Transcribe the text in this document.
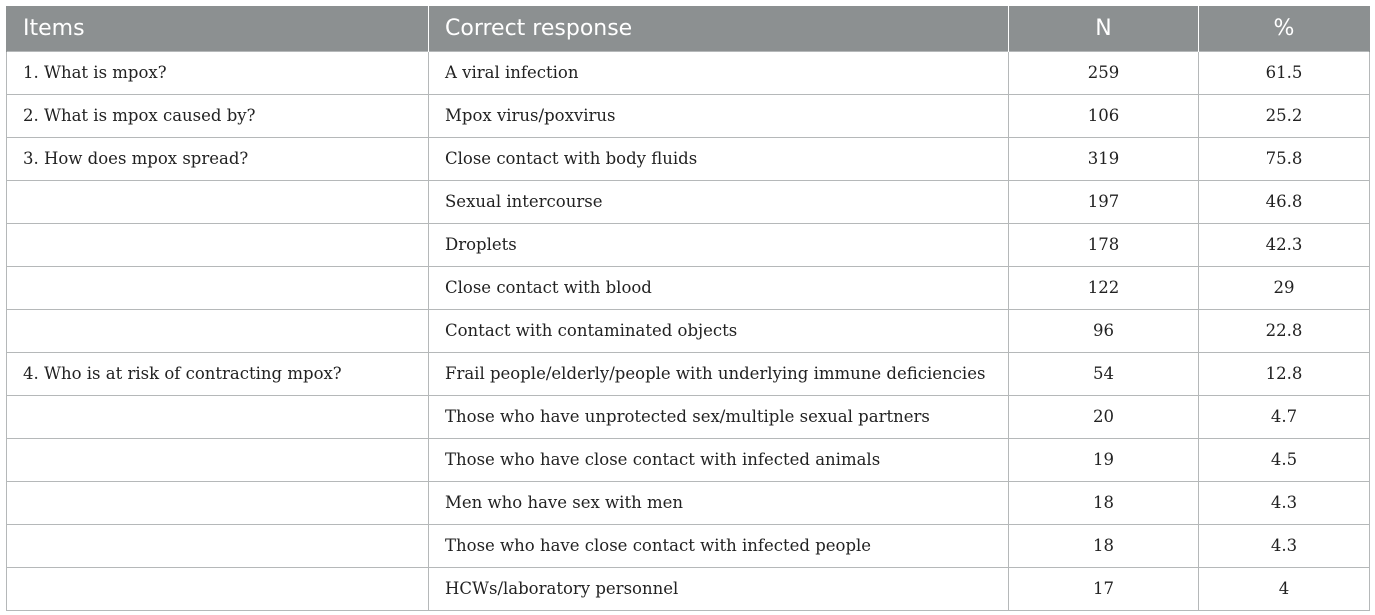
Items	Correct response	N	%
1. What is mpox?	A viral infection	259	61.5
2. What is mpox caused by?	Mpox virus/poxvirus	106	25.2
3. How does mpox spread?	Close contact with body fluids	319	75.8
	Sexual intercourse	197	46.8
	Droplets	178	42.3
	Close contact with blood	122	29
	Contact with contaminated objects	96	22.8
4. Who is at risk of contracting mpox?	Frail people/elderly/people with underlying immune deficiencies	54	12.8
	Those who have unprotected sex/multiple sexual partners	20	4.7
	Those who have close contact with infected animals	19	4.5
	Men who have sex with men	18	4.3
	Those who have close contact with infected people	18	4.3
	HCWs/laboratory personnel	17	4
